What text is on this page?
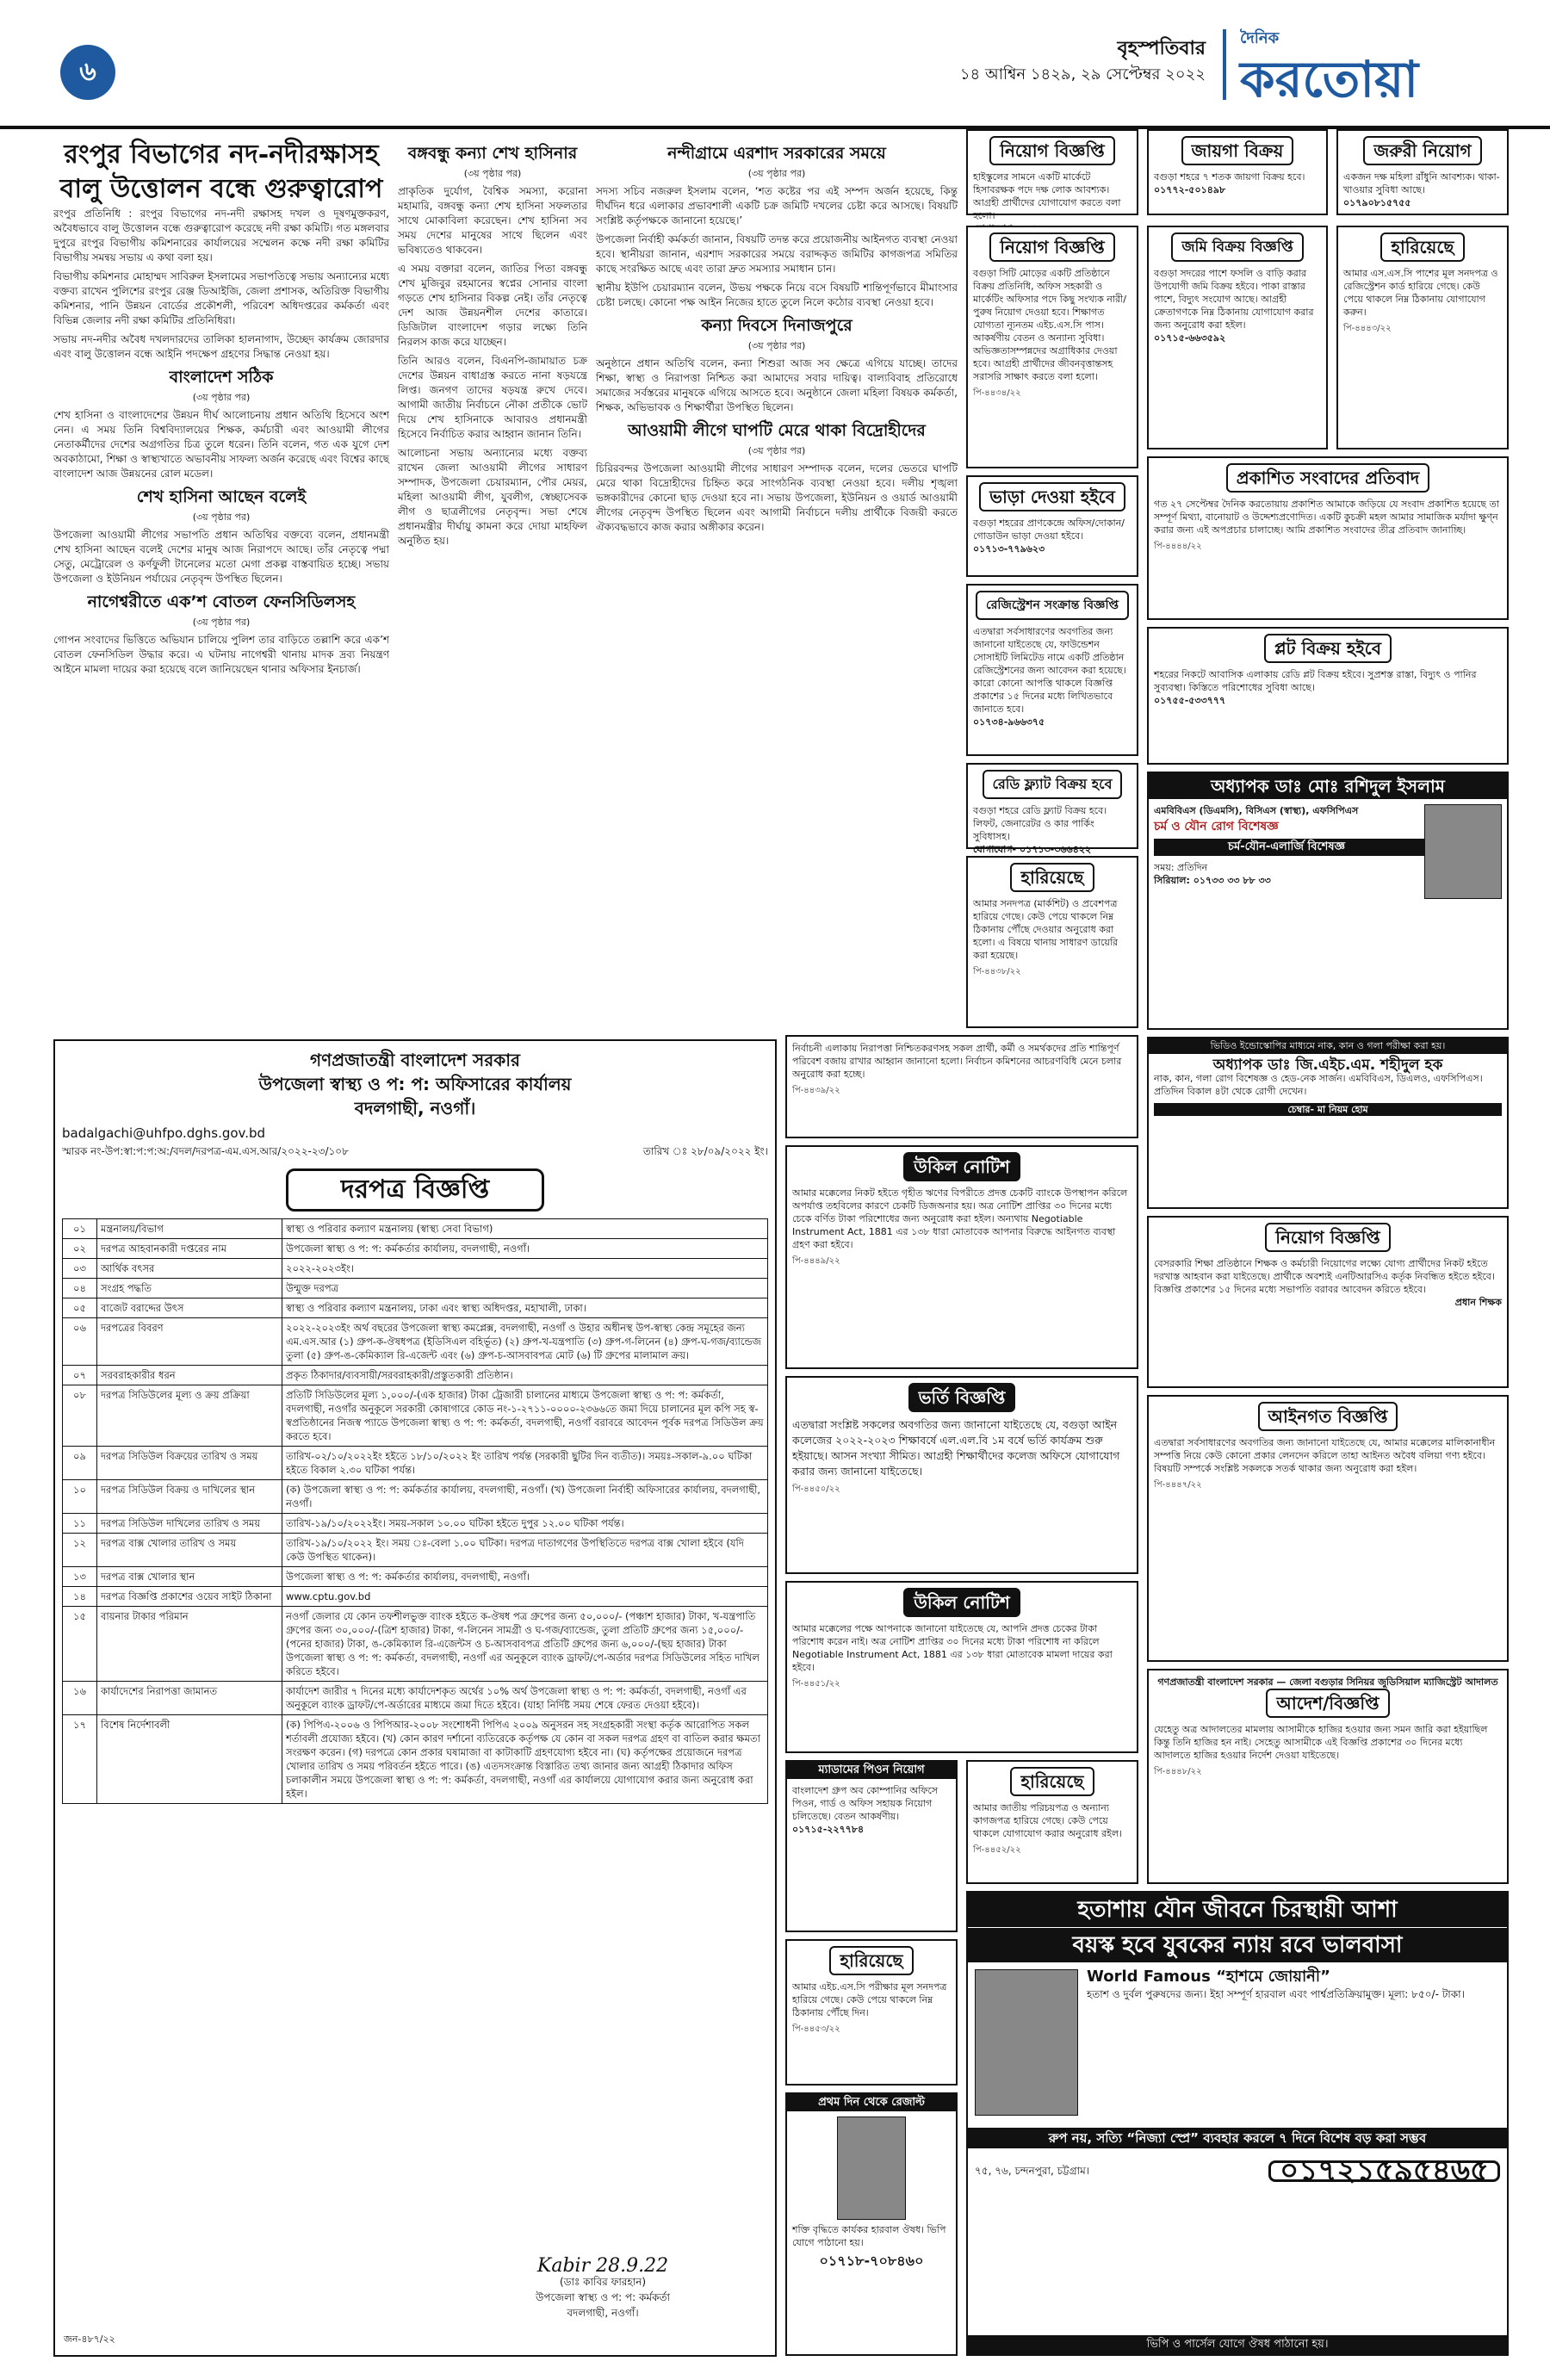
৬
বৃহস্পতিবার
১৪ আশ্বিন ১৪২৯, ২৯ সেপ্টেম্বর ২০২২
দৈনিক
করতোয়া
রংপুর বিভাগের নদ-নদীরক্ষাসহ বালু উত্তোলন বন্ধে গুরুত্বারোপ

রংপুর প্রতিনিধি : রংপুর বিভাগের নদ-নদী রক্ষাসহ দখল ও দূষণমুক্তকরণ, অবৈধভাবে বালু উত্তোলন বন্ধে গুরুত্বারোপ করেছে নদী রক্ষা কমিটি। গত মঙ্গলবার দুপুরে রংপুর বিভাগীয় কমিশনারের কার্যালয়ের সম্মেলন কক্ষে নদী রক্ষা কমিটির বিভাগীয় সমন্বয় সভায় এ কথা বলা হয়।

বিভাগীয় কমিশনার মোহাম্মদ সাবিরুল ইসলামের সভাপতিত্বে সভায় অন্যান্যের মধ্যে বক্তব্য রাখেন পুলিশের রংপুর রেঞ্জ ডিআইজি, জেলা প্রশাসক, অতিরিক্ত বিভাগীয় কমিশনার, পানি উন্নয়ন বোর্ডের প্রকৌশলী, পরিবেশ অধিদপ্তরের কর্মকর্তা এবং বিভিন্ন জেলার নদী রক্ষা কমিটির প্রতিনিধিরা।

সভায় নদ-নদীর অবৈধ দখলদারদের তালিকা হালনাগাদ, উচ্ছেদ কার্যক্রম জোরদার এবং বালু উত্তোলন বন্ধে আইনি পদক্ষেপ গ্রহণের সিদ্ধান্ত নেওয়া হয়।

বাংলাদেশ সঠিক
(৩য় পৃষ্ঠার পর)

শেখ হাসিনা ও বাংলাদেশের উন্নয়ন দীর্ঘ আলোচনায় প্রধান অতিথি হিসেবে অংশ নেন। এ সময় তিনি বিশ্ববিদ্যালয়ের শিক্ষক, কর্মচারী এবং আওয়ামী লীগের নেতাকর্মীদের দেশের অগ্রগতির চিত্র তুলে ধরেন। তিনি বলেন, গত এক যুগে দেশ অবকাঠামো, শিক্ষা ও স্বাস্থ্যখাতে অভাবনীয় সাফল্য অর্জন করেছে এবং বিশ্বের কাছে বাংলাদেশ আজ উন্নয়নের রোল মডেল।

শেখ হাসিনা আছেন বলেই
(৩য় পৃষ্ঠার পর)

উপজেলা আওয়ামী লীগের সভাপতি প্রধান অতিথির বক্তব্যে বলেন, প্রধানমন্ত্রী শেখ হাসিনা আছেন বলেই দেশের মানুষ আজ নিরাপদে আছে। তাঁর নেতৃত্বে পদ্মা সেতু, মেট্রোরেল ও কর্ণফুলী টানেলের মতো মেগা প্রকল্প বাস্তবায়িত হচ্ছে। সভায় উপজেলা ও ইউনিয়ন পর্যায়ের নেতৃবৃন্দ উপস্থিত ছিলেন।

নাগেশ্বরীতে এক’শ বোতল ফেনসিডিলসহ
(৩য় পৃষ্ঠার পর)

গোপন সংবাদের ভিত্তিতে অভিযান চালিয়ে পুলিশ তার বাড়িতে তল্লাশি করে এক’শ বোতল ফেনসিডিল উদ্ধার করে। এ ঘটনায় নাগেশ্বরী থানায় মাদক দ্রব্য নিয়ন্ত্রণ আইনে মামলা দায়ের করা হয়েছে বলে জানিয়েছেন থানার অফিসার ইনচার্জ।

বঙ্গবন্ধু কন্যা শেখ হাসিনার
(৩য় পৃষ্ঠার পর)

প্রাকৃতিক দুর্যোগ, বৈশ্বিক সমস্যা, করোনা মহামারি, বঙ্গবন্ধু কন্যা শেখ হাসিনা সফলতার সাথে মোকাবিলা করেছেন। শেখ হাসিনা সব সময় দেশের মানুষের সাথে ছিলেন এবং ভবিষ্যতেও থাকবেন।

এ সময় বক্তারা বলেন, জাতির পিতা বঙ্গবন্ধু শেখ মুজিবুর রহমানের স্বপ্নের সোনার বাংলা গড়তে শেখ হাসিনার বিকল্প নেই। তাঁর নেতৃত্বে দেশ আজ উন্নয়নশীল দেশের কাতারে। ডিজিটাল বাংলাদেশ গড়ার লক্ষ্যে তিনি নিরলস কাজ করে যাচ্ছেন।

তিনি আরও বলেন, বিএনপি-জামায়াত চক্র দেশের উন্নয়ন বাধাগ্রস্ত করতে নানা ষড়যন্ত্রে লিপ্ত। জনগণ তাদের ষড়যন্ত্র রুখে দেবে। আগামী জাতীয় নির্বাচনে নৌকা প্রতীকে ভোট দিয়ে শেখ হাসিনাকে আবারও প্রধানমন্ত্রী হিসেবে নির্বাচিত করার আহ্বান জানান তিনি।

আলোচনা সভায় অন্যান্যের মধ্যে বক্তব্য রাখেন জেলা আওয়ামী লীগের সাধারণ সম্পাদক, উপজেলা চেয়ারম্যান, পৌর মেয়র, মহিলা আওয়ামী লীগ, যুবলীগ, স্বেচ্ছাসেবক লীগ ও ছাত্রলীগের নেতৃবৃন্দ। সভা শেষে প্রধানমন্ত্রীর দীর্ঘায়ু কামনা করে দোয়া মাহফিল অনুষ্ঠিত হয়।

নন্দীগ্রামে এরশাদ সরকারের সময়ে
(৩য় পৃষ্ঠার পর)

সদস্য সচিব নজরুল ইসলাম বলেন, ‘শত কষ্টের পর এই সম্পদ অর্জন হয়েছে, কিন্তু দীর্ঘদিন ধরে এলাকার প্রভাবশালী একটি চক্র জমিটি দখলের চেষ্টা করে আসছে। বিষয়টি সংশ্লিষ্ট কর্তৃপক্ষকে জানানো হয়েছে।’

উপজেলা নির্বাহী কর্মকর্তা জানান, বিষয়টি তদন্ত করে প্রয়োজনীয় আইনগত ব্যবস্থা নেওয়া হবে। স্থানীয়রা জানান, এরশাদ সরকারের সময়ে বরাদ্দকৃত জমিটির কাগজপত্র সমিতির কাছে সংরক্ষিত আছে এবং তারা দ্রুত সমস্যার সমাধান চান।

স্থানীয় ইউপি চেয়ারম্যান বলেন, উভয় পক্ষকে নিয়ে বসে বিষয়টি শান্তিপূর্ণভাবে মীমাংসার চেষ্টা চলছে। কোনো পক্ষ আইন নিজের হাতে তুলে নিলে কঠোর ব্যবস্থা নেওয়া হবে।

কন্যা দিবসে দিনাজপুরে
(৩য় পৃষ্ঠার পর)

অনুষ্ঠানে প্রধান অতিথি বলেন, কন্যা শিশুরা আজ সব ক্ষেত্রে এগিয়ে যাচ্ছে। তাদের শিক্ষা, স্বাস্থ্য ও নিরাপত্তা নিশ্চিত করা আমাদের সবার দায়িত্ব। বাল্যবিবাহ প্রতিরোধে সমাজের সর্বস্তরের মানুষকে এগিয়ে আসতে হবে। অনুষ্ঠানে জেলা মহিলা বিষয়ক কর্মকর্তা, শিক্ষক, অভিভাবক ও শিক্ষার্থীরা উপস্থিত ছিলেন।

আওয়ামী লীগে ঘাপটি মেরে থাকা বিদ্রোহীদের
(৩য় পৃষ্ঠার পর)

চিরিরবন্দর উপজেলা আওয়ামী লীগের সাধারণ সম্পাদক বলেন, দলের ভেতরে ঘাপটি মেরে থাকা বিদ্রোহীদের চিহ্নিত করে সাংগঠনিক ব্যবস্থা নেওয়া হবে। দলীয় শৃঙ্খলা ভঙ্গকারীদের কোনো ছাড় দেওয়া হবে না। সভায় উপজেলা, ইউনিয়ন ও ওয়ার্ড আওয়ামী লীগের নেতৃবৃন্দ উপস্থিত ছিলেন এবং আগামী নির্বাচনে দলীয় প্রার্থীকে বিজয়ী করতে ঐক্যবদ্ধভাবে কাজ করার অঙ্গীকার করেন।

গণপ্রজাতন্ত্রী বাংলাদেশ সরকার
উপজেলা স্বাস্থ্য ও প: প: অফিসারের কার্যালয়
বদলগাছী, নওগাঁ।
badalgachi@uhfpo.dghs.gov.bd
স্মারক নং-উপ:স্বা:প:প:অ:/বদল/দরপত্র-এম.এস.আর/২০২২-২৩/১০৮	তারিখ ঃ ২৮/০৯/২০২২ ইং।
দরপত্র বিজ্ঞপ্তি
০১	মন্ত্রনালয়/বিভাগ	স্বাস্থ্য ও পরিবার কল্যাণ মন্ত্রনালয় (স্বাস্থ্য সেবা বিভাগ)
০২	দরপত্র আহবানকারী দপ্তরের নাম	উপজেলা স্বাস্থ্য ও প: প: কর্মকর্তার কার্যালয়, বদলগাছী, নওগাঁ।
০৩	আর্থিক বৎসর	২০২২-২০২৩ইং।
০৪	সংগ্রহ পদ্ধতি	উন্মুক্ত দরপত্র
০৫	বাজেট বরাদ্দের উৎস	স্বাস্থ্য ও পরিবার কল্যাণ মন্ত্রনালয়, ঢাকা এবং স্বাস্থ্য অধিদপ্তর, মহাখালী, ঢাকা।
০৬	দরপত্রের বিবরণ	২০২২-২০২৩ইং অর্থ বছরের উপজেলা স্বাস্থ্য কমপ্লেক্স, বদলগাছী, নওগাঁ ও উহার অধীনস্থ উপ-স্বাস্থ্য কেন্দ্র সমূহের জন্য এম.এস.আর (১) গ্রুপ-ক-ঔষধপত্র (ইডিসিএল বহির্ভূত) (২) গ্রুপ-খ-যন্ত্রপাতি (৩) গ্রুপ-গ-লিনেন (৪) গ্রুপ-ঘ-গজ/ব্যান্ডেজ তুলা (৫) গ্রুপ-ঙ-কেমিক্যাল রি-এজেন্ট এবং (৬) গ্রুপ-চ-আসবাবপত্র মোট (৬) টি গ্রুপের মালামাল ক্রয়।
০৭	সরবরাহকারীর ধরন	প্রকৃত ঠিকাদার/ব্যবসায়ী/সরবরাহকারী/প্রস্তুতকারী প্রতিষ্ঠান।
০৮	দরপত্র সিডিউলের মূল্য ও ক্রয় প্রক্রিয়া	প্রতিটি সিডিউলের মূল্য ১,০০০/-(এক হাজার) টাকা ট্রেজারী চালানের মাধ্যমে উপজেলা স্বাস্থ্য ও প: প: কর্মকর্তা, বদলগাছী, নওগাঁর অনুকূলে সরকারী কোষাগারে কোড নং-১-২৭১১-০০০০-২৩৬৬তে জমা দিয়ে চালানের মূল কপি সহ স্ব-স্বপ্রতিষ্ঠানের নিজস্ব প্যাডে উপজেলা স্বাস্থ্য ও প: প: কর্মকর্তা, বদলগাছী, নওগাঁ বরাবরে আবেদন পূর্বক দরপত্র সিডিউল ক্রয় করতে হবে।
০৯	দরপত্র সিডিউল বিক্রয়ের তারিখ ও সময়	তারিখ-০২/১০/২০২২ইং হইতে ১৮/১০/২০২২ ইং তারিখ পর্যন্ত (সরকারী ছুটির দিন ব্যতীত)। সময়ঃ-সকাল-৯.০০ ঘটিকা হইতে বিকাল ২.৩০ ঘটিকা পর্যন্ত।
১০	দরপত্র সিডিউল বিক্রয় ও দাখিলের স্থান	(ক) উপজেলা স্বাস্থ্য ও প: প: কর্মকর্তার কার্যালয়, বদলগাছী, নওগাঁ। (খ) উপজেলা নির্বাহী অফিসারের কার্যালয়, বদলগাছী, নওগাঁ।
১১	দরপত্র সিডিউল দাখিলের তারিখ ও সময়	তারিখ-১৯/১০/২০২২ইং। সময়-সকাল ১০.০০ ঘটিকা হইতে দুপুর ১২.০০ ঘটিকা পর্যন্ত।
১২	দরপত্র বাক্স খোলার তারিখ ও সময়	তারিখ-১৯/১০/২০২২ ইং। সময় ঃ-বেলা ১.০০ ঘটিকা। দরপত্র দাতাগণের উপস্থিতিতে দরপত্র বাক্স খোলা হইবে (যদি কেউ উপস্থিত থাকেন)।
১৩	দরপত্র বাক্স খোলার স্থান	উপজেলা স্বাস্থ্য ও প: প: কর্মকর্তার কার্যালয়, বদলগাছী, নওগাঁ।
১৪	দরপত্র বিজ্ঞপ্তি প্রকাশের ওয়েব সাইট ঠিকানা	www.cptu.gov.bd
১৫	বায়নার টাকার পরিমান	নওগাঁ জেলার যে কোন তফশীলভুক্ত ব্যাংক হইতে ক-ঔষধ পত্র গ্রুপের জন্য ৫০,০০০/- (পঞ্চাশ হাজার) টাকা, খ-যন্ত্রপাতি গ্রুপের জন্য ৩০,০০০/-(ত্রিশ হাজার) টাকা, গ-লিনেন সামগ্রী ও ঘ-গজ/ব্যান্ডেজ, তুলা প্রতিটি গ্রুপের জন্য ১৫,০০০/-(পনের হাজার) টাকা, ঙ-কেমিক্যাল রি-এজেন্টস ও চ-আসবাবপত্র প্রতিটি গ্রুপের জন্য ৬,০০০/-(ছয় হাজার) টাকা উপজেলা স্বাস্থ্য ও প: প: কর্মকর্তা, বদলগাছী, নওগাঁ এর অনুকূলে ব্যাংক ড্রাফট/পে-অর্ডার দরপত্র সিডিউলের সহিত দাখিল করিতে হইবে।
১৬	কার্যাদেশের নিরাপত্তা জামানত	কার্যাদেশ জারীর ৭ দিনের মধ্যে কার্যাদেশকৃত অর্থের ১০% অর্থ উপজেলা স্বাস্থ্য ও প: প: কর্মকর্তা, বদলগাছী, নওগাঁ এর অনুকূলে ব্যাংক ড্রাফট/পে-অর্ডারের মাধ্যমে জমা দিতে হইবে। (যাহা নির্দিষ্ট সময় শেষে ফেরত দেওয়া হইবে)।
১৭	বিশেষ নির্দেশাবলী	(ক) পিপিএ-২০০৬ ও পিপিআর-২০০৮ সংশোধনী পিপিএ ২০০৯ অনুসরন সহ সংগ্রহকারী সংস্থা কর্তৃক আরোপিত সকল শর্তাবলী প্রযোজ্য হইবে। (খ) কোন কারণ দর্শানো ব্যতিরেকে কর্তৃপক্ষ যে কোন বা সকল দরপত্র গ্রহণ বা বাতিল করার ক্ষমতা সংরক্ষণ করেন। (গ) দরপত্রে কোন প্রকার ঘষামাজা বা কাটাকাটি গ্রহণযোগ্য হইবে না। (ঘ) কর্তৃপক্ষের প্রয়োজনে দরপত্র খোলার তারিখ ও সময় পরিবর্তন হইতে পারে। (ঙ) এতদসংক্রান্ত বিস্তারিত তথ্য জানার জন্য আগ্রহী ঠিকাদার অফিস চলাকালীন সময়ে উপজেলা স্বাস্থ্য ও প: প: কর্মকর্তা, বদলগাছী, নওগাঁ এর কার্যালয়ে যোগাযোগ করার জন্য অনুরোধ করা হইল।
Kabir 28.9.22
(ডাঃ কাবির ফারহান)
উপজেলা স্বাস্থ্য ও প: প: কর্মকর্তা
বদলগাছী, নওগাঁ।
জন-৪৮৭/২২
নিয়োগ বিজ্ঞপ্তি
হাইস্কুলের সামনে একটি মার্কেটে হিসাবরক্ষক পদে দক্ষ লোক আবশ্যক। আগ্রহী প্রার্থীদের যোগাযোগ করতে বলা হলো।
নিয়োগ বিজ্ঞপ্তি
বগুড়া সিটি মোড়ের একটি প্রতিষ্ঠানে বিক্রয় প্রতিনিধি, অফিস সহকারী ও মার্কেটিং অফিসার পদে কিছু সংখ্যক নারী/পুরুষ নিয়োগ দেওয়া হবে। শিক্ষাগত যোগ্যতা ন্যূনতম এইচ.এস.সি পাস। আকর্ষণীয় বেতন ও অন্যান্য সুবিধা। অভিজ্ঞতাসম্পন্নদের অগ্রাধিকার দেওয়া হবে। আগ্রহী প্রার্থীদের জীবনবৃত্তান্তসহ সরাসরি সাক্ষাৎ করতে বলা হলো।
পি-৪৪৩৪/২২
ভাড়া দেওয়া হইবে
বগুড়া শহরের প্রাণকেন্দ্রে অফিস/দোকান/গোডাউন ভাড়া দেওয়া হইবে।
০১৭১৩-৭৭৯৬২৩
রেজিস্ট্রেশন সংক্রান্ত বিজ্ঞপ্তি
এতদ্বারা সর্বসাধারণের অবগতির জন্য জানানো যাইতেছে যে, ফাউন্ডেশন সোসাইটি লিমিটেড নামে একটি প্রতিষ্ঠান রেজিস্ট্রেশনের জন্য আবেদন করা হয়েছে। কারো কোনো আপত্তি থাকলে বিজ্ঞপ্তি প্রকাশের ১৫ দিনের মধ্যে লিখিতভাবে জানাতে হবে।
০১৭৩৪-৯৬৬৩৭৫
রেডি ফ্ল্যাট বিক্রয় হবে
বগুড়া শহরে রেডি ফ্ল্যাট বিক্রয় হবে। লিফট, জেনারেটর ও কার পার্কিং সুবিধাসহ।
যোগাযোগ- ০১৭১৩-৩৬৬৪২২
হারিয়েছে
আমার সনদপত্র (মার্কশিট) ও প্রবেশপত্র হারিয়ে গেছে। কেউ পেয়ে থাকলে নিম্ন ঠিকানায় পৌঁছে দেওয়ার অনুরোধ করা হলো। এ বিষয়ে থানায় সাধারণ ডায়েরি করা হয়েছে।
পি-৪৪৩৮/২২
নির্বাচনী এলাকায় নিরাপত্তা নিশ্চিতকরণসহ সকল প্রার্থী, কর্মী ও সমর্থকদের প্রতি শান্তিপূর্ণ পরিবেশ বজায় রাখার আহ্বান জানানো হলো। নির্বাচন কমিশনের আচরণবিধি মেনে চলার অনুরোধ করা হচ্ছে।
পি-৪৪৩৯/২২
জায়গা বিক্রয়
বগুড়া শহরে ৭ শতক জায়গা বিক্রয় হবে।
০১৭৭২-৫০১৪৯৮
জরুরী নিয়োগ
একজন দক্ষ মহিলা রাঁধুনি আবশ্যক। থাকা-খাওয়ার সুবিধা আছে।
০১৭৯০৮১৫৭৫৫
জমি বিক্রয় বিজ্ঞপ্তি
বগুড়া সদরের পাশে ফসলি ও বাড়ি করার উপযোগী জমি বিক্রয় হইবে। পাকা রাস্তার পাশে, বিদ্যুৎ সংযোগ আছে। আগ্রহী ক্রেতাগণকে নিম্ন ঠিকানায় যোগাযোগ করার জন্য অনুরোধ করা হইল।
০১৭১৫-৬৬৩৫৯২
হারিয়েছে
আমার এস.এস.সি পাশের মূল সনদপত্র ও রেজিস্ট্রেশন কার্ড হারিয়ে গেছে। কেউ পেয়ে থাকলে নিম্ন ঠিকানায় যোগাযোগ করুন।
পি-৪৪৪৩/২২
প্রকাশিত সংবাদের প্রতিবাদ
গত ২৭ সেপ্টেম্বর দৈনিক করতোয়ায় প্রকাশিত আমাকে জড়িয়ে যে সংবাদ প্রকাশিত হয়েছে তা সম্পূর্ণ মিথ্যা, বানোয়াট ও উদ্দেশ্যপ্রণোদিত। একটি কুচক্রী মহল আমার সামাজিক মর্যাদা ক্ষুণ্ন করার জন্য এই অপপ্রচার চালাচ্ছে। আমি প্রকাশিত সংবাদের তীব্র প্রতিবাদ জানাচ্ছি।
পি-৪৪৪৪/২২
প্লট বিক্রয় হইবে
শহরের নিকটে আবাসিক এলাকায় রেডি প্লট বিক্রয় হইবে। সুপ্রশস্ত রাস্তা, বিদ্যুৎ ও পানির সুব্যবস্থা। কিস্তিতে পরিশোধের সুবিধা আছে।
০১৭৫৫-৫৩৩৭৭৭
অধ্যাপক ডাঃ মোঃ রশিদুল ইসলাম
এমবিবিএস (ডিএমসি), বিসিএস (স্বাস্থ্য), এফসিপিএস
চর্ম ও যৌন রোগ বিশেষজ্ঞ
চর্ম-যৌন-এলার্জি বিশেষজ্ঞ
সময়: প্রতিদিন
সিরিয়াল: ০১৭৩৩ ৩৩ ৮৮ ৩৩
ভিডিও ইন্ডোস্কোপির মাধ্যমে নাক, কান ও গলা পরীক্ষা করা হয়।
অধ্যাপক ডাঃ জি.এইচ.এম. শহীদুল হক
নাক, কান, গলা রোগ বিশেষজ্ঞ ও হেড-নেক সার্জন। এমবিবিএস, ডিএলও, এফসিপিএস। প্রতিদিন বিকাল ৪টা থেকে রোগী দেখেন।
চেম্বার- মা নিয়ম হোম
নিয়োগ বিজ্ঞপ্তি
বেসরকারি শিক্ষা প্রতিষ্ঠানে শিক্ষক ও কর্মচারী নিয়োগের লক্ষ্যে যোগ্য প্রার্থীদের নিকট হইতে দরখাস্ত আহবান করা যাইতেছে। প্রার্থীকে অবশ্যই এনটিআরসিএ কর্তৃক নিবন্ধিত হইতে হইবে। বিজ্ঞপ্তি প্রকাশের ১৫ দিনের মধ্যে সভাপতি বরাবর আবেদন করিতে হইবে।
প্রধান শিক্ষক
আইনগত বিজ্ঞপ্তি
এতদ্বারা সর্বসাধারণের অবগতির জন্য জানানো যাইতেছে যে, আমার মক্কেলের মালিকানাধীন সম্পত্তি নিয়ে কেউ কোনো প্রকার লেনদেন করিলে তাহা আইনত অবৈধ বলিয়া গণ্য হইবে। বিষয়টি সম্পর্কে সংশ্লিষ্ট সকলকে সতর্ক থাকার জন্য অনুরোধ করা হইল।
পি-৪৪৪৭/২২
গণপ্রজাতন্ত্রী বাংলাদেশ সরকার — জেলা বগুড়ার সিনিয়র জুডিসিয়াল ম্যাজিস্ট্রেট আদালত
আদেশ/বিজ্ঞপ্তি
যেহেতু অত্র আদালতের মামলায় আসামীকে হাজির হওয়ার জন্য সমন জারি করা হইয়াছিল কিন্তু তিনি হাজির হন নাই। সেহেতু আসামীকে এই বিজ্ঞপ্তি প্রকাশের ৩০ দিনের মধ্যে আদালতে হাজির হওয়ার নির্দেশ দেওয়া যাইতেছে।
পি-৪৪৪৮/২২
হতাশায় যৌন জীবনে চিরস্থায়ী আশা
বয়স্ক হবে যুবকের ন্যায় রবে ভালবাসা
World Famous “হাশমে জোয়ানী”
হতাশ ও দুর্বল পুরুষদের জন্য। ইহা সম্পূর্ণ হারবাল এবং পার্শ্বপ্রতিক্রিয়ামুক্ত। মূল্য: ৮৫০/- টাকা।
রুপ নয়, সত্যি “নিজ্যা স্প্রে” ব্যবহার করলে ৭ দিনে বিশেষ বড় করা সম্ভব
৭৫, ৭৬, চন্দনপুরা, চট্টগ্রাম।	০১৭২১৫৯৫৪৬৫
ভিপি ও পার্সেল যোগে ঔষধ পাঠানো হয়।
উকিল নোটিশ
আমার মক্কেলের নিকট হইতে গৃহীত ঋণের বিপরীতে প্রদত্ত চেকটি ব্যাংকে উপস্থাপন করিলে অপর্যাপ্ত তহবিলের কারণে চেকটি ডিজঅনার হয়। অত্র নোটিশ প্রাপ্তির ৩০ দিনের মধ্যে চেকে বর্ণিত টাকা পরিশোধের জন্য অনুরোধ করা হইল। অন্যথায় Negotiable Instrument Act, 1881 এর ১৩৮ ধারা মোতাবেক আপনার বিরুদ্ধে আইনগত ব্যবস্থা গ্রহণ করা হইবে।
পি-৪৪৪৯/২২
ভর্তি বিজ্ঞপ্তি
এতদ্বারা সংশ্লিষ্ট সকলের অবগতির জন্য জানানো যাইতেছে যে, বগুড়া আইন কলেজের ২০২২-২০২৩ শিক্ষাবর্ষে এল.এল.বি ১ম বর্ষে ভর্তি কার্যক্রম শুরু হইয়াছে। আসন সংখ্যা সীমিত। আগ্রহী শিক্ষার্থীদের কলেজ অফিসে যোগাযোগ করার জন্য জানানো যাইতেছে।
পি-৪৪৫০/২২
উকিল নোটিশ
আমার মক্কেলের পক্ষে আপনাকে জানানো যাইতেছে যে, আপনি প্রদত্ত চেকের টাকা পরিশোধ করেন নাই। অত্র নোটিশ প্রাপ্তির ৩০ দিনের মধ্যে টাকা পরিশোধ না করিলে Negotiable Instrument Act, 1881 এর ১৩৮ ধারা মোতাবেক মামলা দায়ের করা হইবে।
পি-৪৪৫১/২২
ম্যাডামের পিওন নিয়োগ
বাংলাদেশ গ্রুপ অব কোম্পানির অফিসে পিওন, গার্ড ও অফিস সহায়ক নিয়োগ চলিতেছে। বেতন আকর্ষণীয়।
০১৭১৫-২২৭৭৮৪
হারিয়েছে
আমার জাতীয় পরিচয়পত্র ও অন্যান্য কাগজপত্র হারিয়ে গেছে। কেউ পেয়ে থাকলে যোগাযোগ করার অনুরোধ রইল।
পি-৪৪৫২/২২
হারিয়েছে
আমার এইচ.এস.সি পরীক্ষার মূল সনদপত্র হারিয়ে গেছে। কেউ পেয়ে থাকলে নিম্ন ঠিকানায় পৌঁছে দিন।
পি-৪৪৫৩/২২
প্রথম দিন থেকে রেজাল্ট
শক্তি বৃদ্ধিতে কার্যকর হারবাল ঔষধ। ভিপি যোগে পাঠানো হয়।
০১৭১৮-৭০৮৪৬০
